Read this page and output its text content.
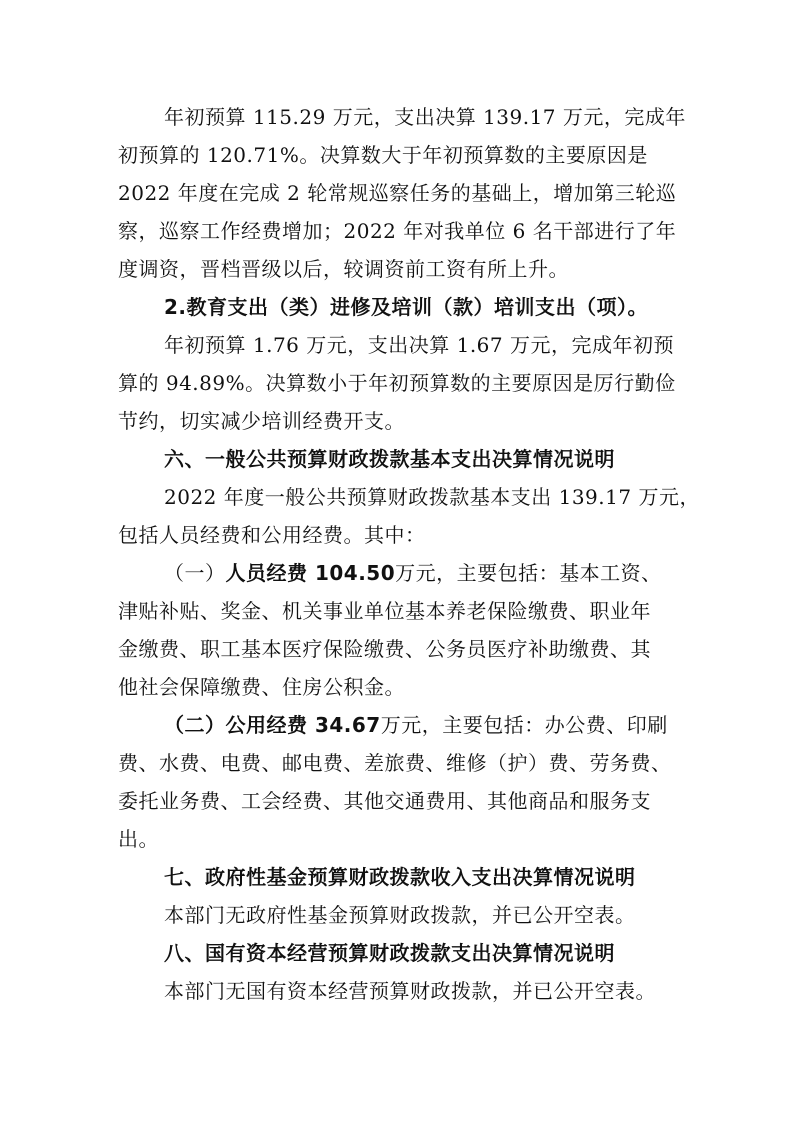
年初预算 115.29 万元，支出决算 139.17 万元，完成年
初预算的 120.71%。决算数大于年初预算数的主要原因是
2022 年度在完成 2 轮常规巡察任务的基础上，增加第三轮巡
察，巡察工作经费增加；2022 年对我单位 6 名干部进行了年
度调资，晋档晋级以后，较调资前工资有所上升。
2.教育支出（类）进修及培训（款）培训支出（项）。
年初预算 1.76 万元，支出决算 1.67 万元，完成年初预
算的 94.89%。决算数小于年初预算数的主要原因是厉行勤俭
节约，切实减少培训经费开支。
六、一般公共预算财政拨款基本支出决算情况说明
2022 年度一般公共预算财政拨款基本支出 139.17 万元，
包括人员经费和公用经费。其中：
（一）人员经费 104.50万元，主要包括：基本工资、
津贴补贴、奖金、机关事业单位基本养老保险缴费、职业年
金缴费、职工基本医疗保险缴费、公务员医疗补助缴费、其
他社会保障缴费、住房公积金。
（二）公用经费 34.67万元，主要包括：办公费、印刷
费、水费、电费、邮电费、差旅费、维修（护）费、劳务费、
委托业务费、工会经费、其他交通费用、其他商品和服务支
出。
七、政府性基金预算财政拨款收入支出决算情况说明
本部门无政府性基金预算财政拨款，并已公开空表。
八、国有资本经营预算财政拨款支出决算情况说明
本部门无国有资本经营预算财政拨款，并已公开空表。
